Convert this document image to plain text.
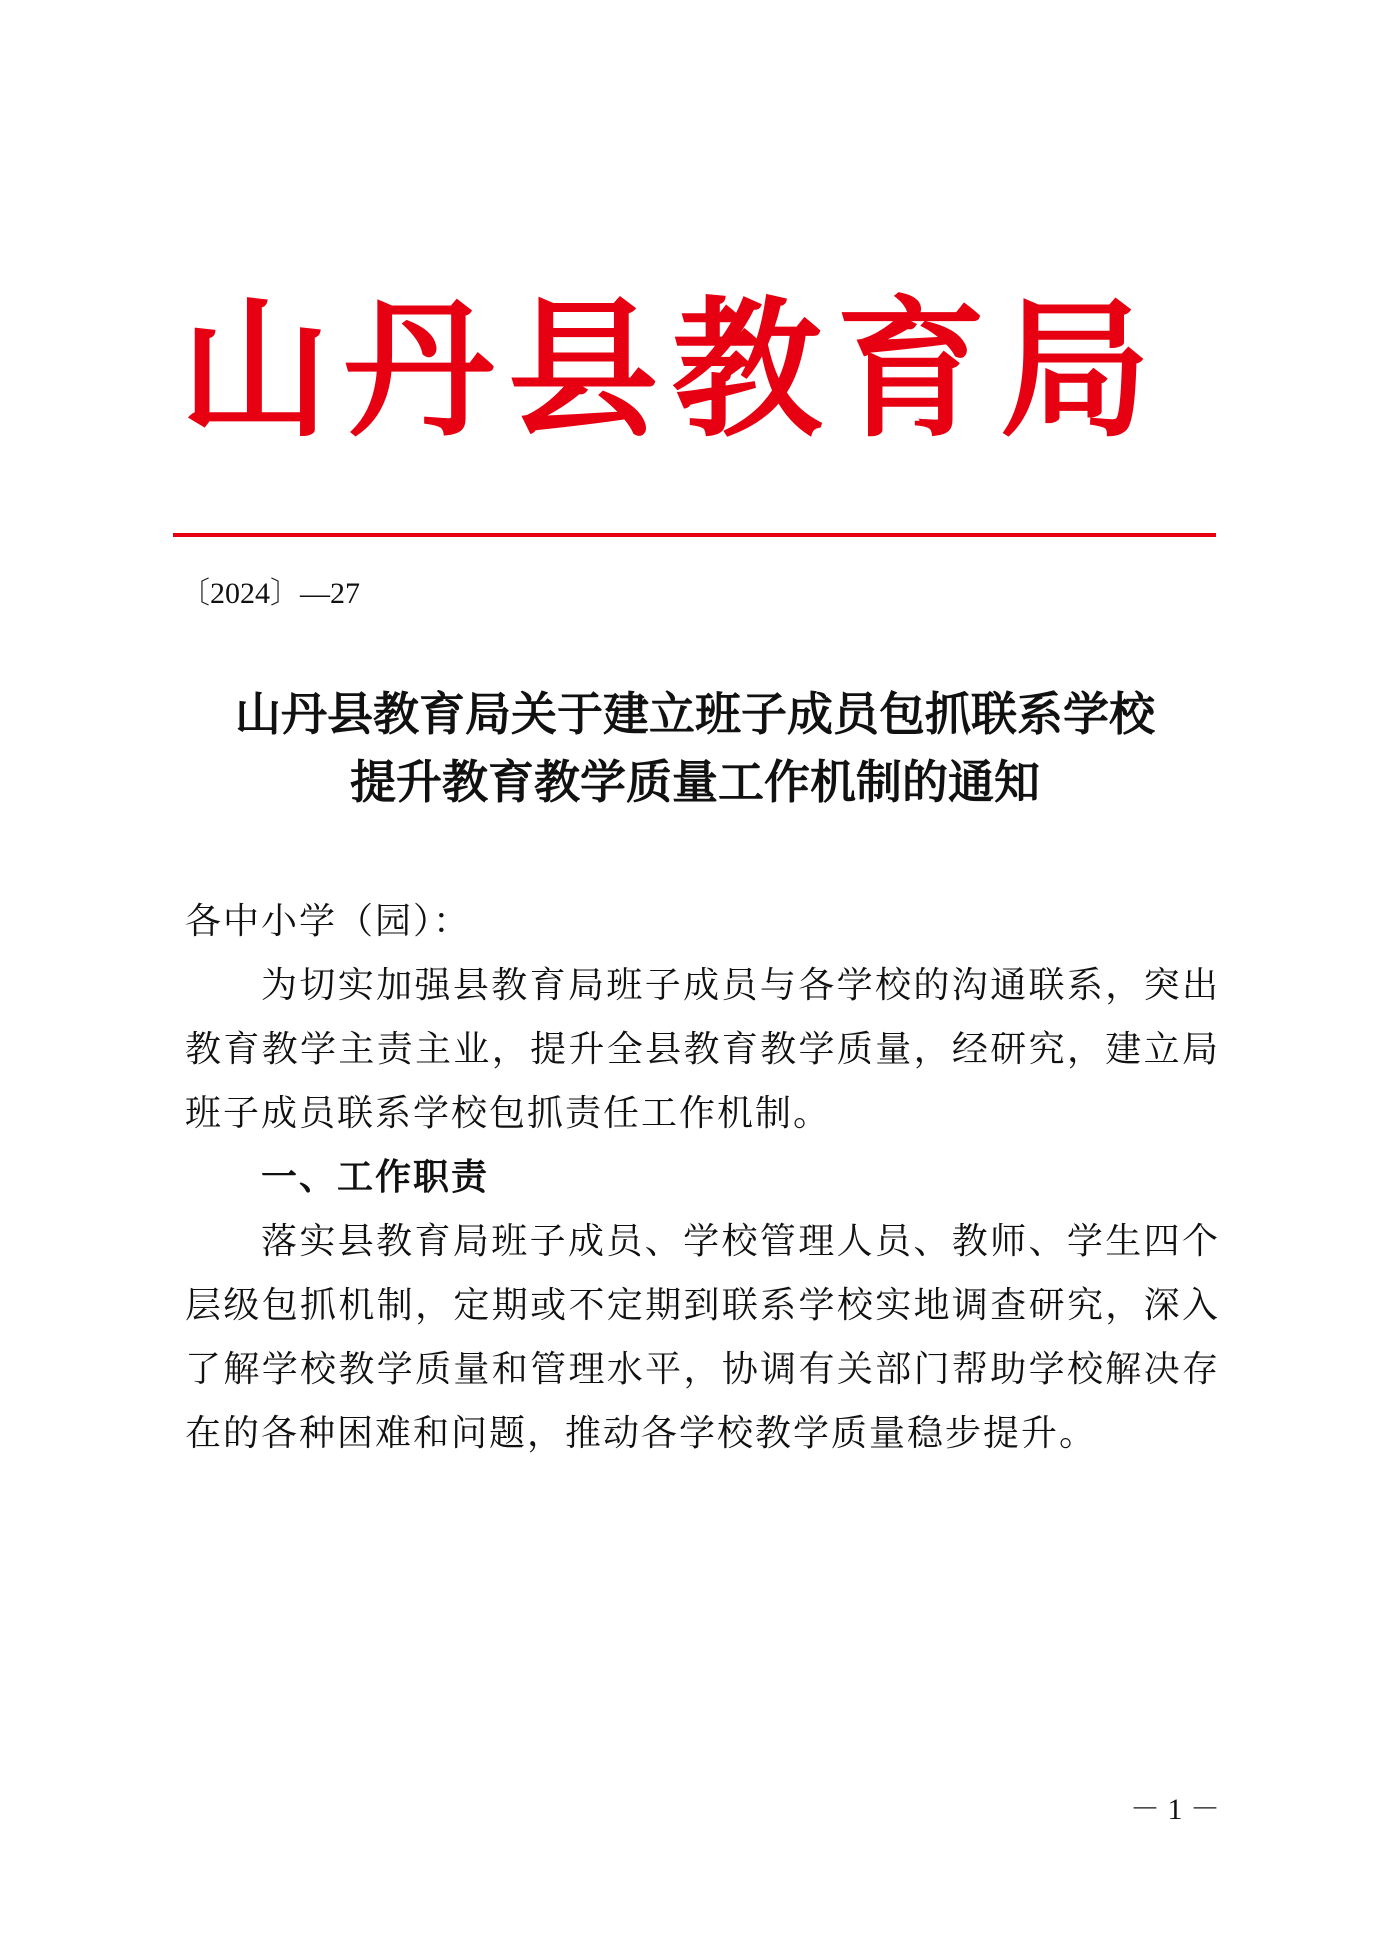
山丹县教育局
〔2024〕—27
山丹县教育局关于建立班子成员包抓联系学校
提升教育教学质量工作机制的通知

各中小学（园）：

为切实加强县教育局班子成员与各学校的沟通联系，突出教育教学主责主业，提升全县教育教学质量，经研究，建立局班子成员联系学校包抓责任工作机制。

一、工作职责

落实县教育局班子成员、学校管理人员、教师、学生四个层级包抓机制，定期或不定期到联系学校实地调查研究，深入了解学校教学质量和管理水平，协调有关部门帮助学校解决存在的各种困难和问题，推动各学校教学质量稳步提升。

－ 1 －
